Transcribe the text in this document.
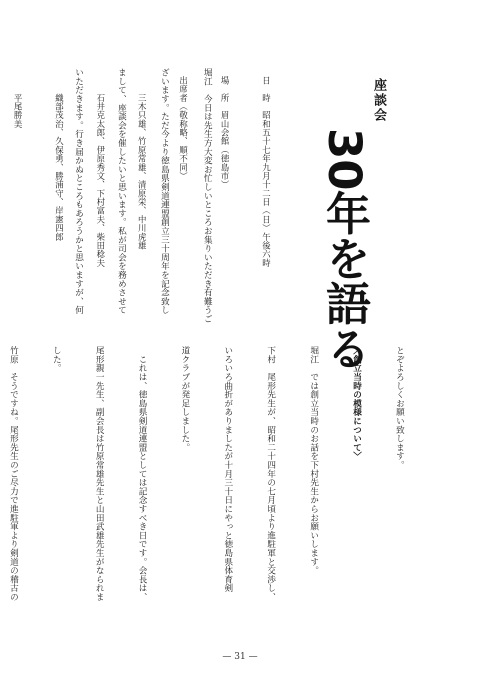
座談会
30年を語る

日　時　昭和五十七年九月十二日（日）午後六時

場　所　眉山会館（徳島市）

出席者（敬称略、順不同）

　　三木只雄、竹原常雄、清原栄、中川虎雄

　　石井克太郎、伊原秀文、下村富夫、柴田稔夫

　　織部茂治、久保勇、勝浦守、岸憲四郎

　　平尾勝美

	堀江　今日は先生方大変お忙しいところお集りいただき有難うご

ざいます。ただ今より徳島県剣道連盟創立三十周年を記念致し

まして、座談会を催したいと思います。私が司会を務めさせて

いただきます。行き届かぬところもあろうかと思いますが、何

とぞよろしくお願い致します。

〈創立当時の模様について〉

堀江　では創立当時のお話を下村先生からお願いします。

下村　尾形先生が、昭和二十四年の七月頃より進駐軍と交渉し、

いろいろ曲折がありましたが十月三十日にやっと徳島県体育剣

道クラブが発足しました。

　これは、徳島県剣道連盟としては記念すべき日です。会長は、

尾形親一先生、副会長は竹原常雄先生と山田武雄先生がなられま

した。

竹原　そうですね。尾形先生のご尽力で進駐軍より剣道の稽古の

— 31 —
